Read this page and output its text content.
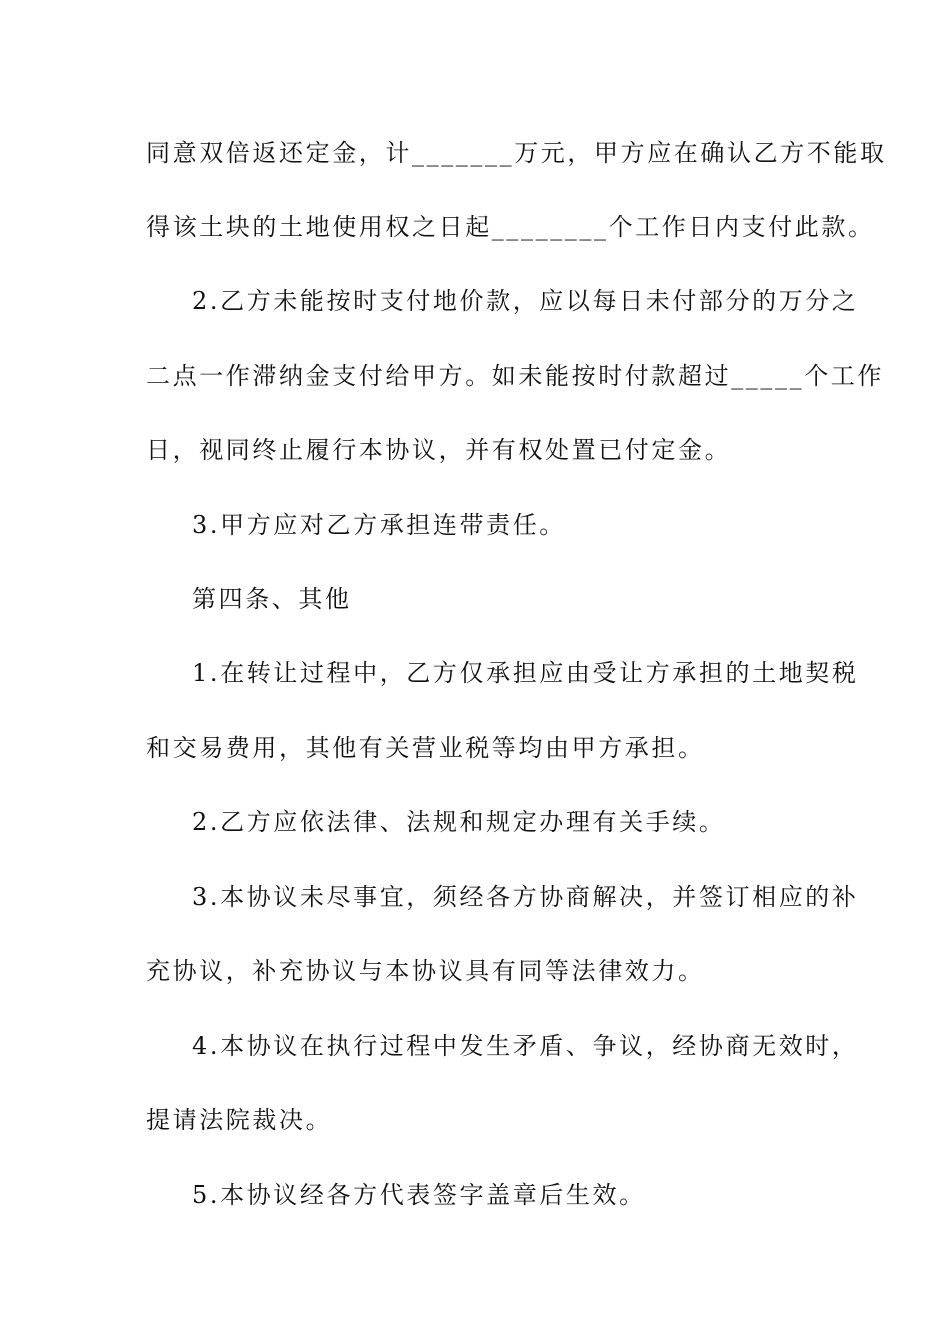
同意双倍返还定金，计_______万元，甲方应在确认乙方不能取
得该土块的土地使用权之日起________个工作日内支付此款。
2.乙方未能按时支付地价款，应以每日未付部分的万分之
二点一作滞纳金支付给甲方。如未能按时付款超过_____个工作
日，视同终止履行本协议，并有权处置已付定金。
3.甲方应对乙方承担连带责任。
第四条、其他
1.在转让过程中，乙方仅承担应由受让方承担的土地契税
和交易费用，其他有关营业税等均由甲方承担。
2.乙方应依法律、法规和规定办理有关手续。
3.本协议未尽事宜，须经各方协商解决，并签订相应的补
充协议，补充协议与本协议具有同等法律效力。
4.本协议在执行过程中发生矛盾、争议，经协商无效时，
提请法院裁决。
5.本协议经各方代表签字盖章后生效。
